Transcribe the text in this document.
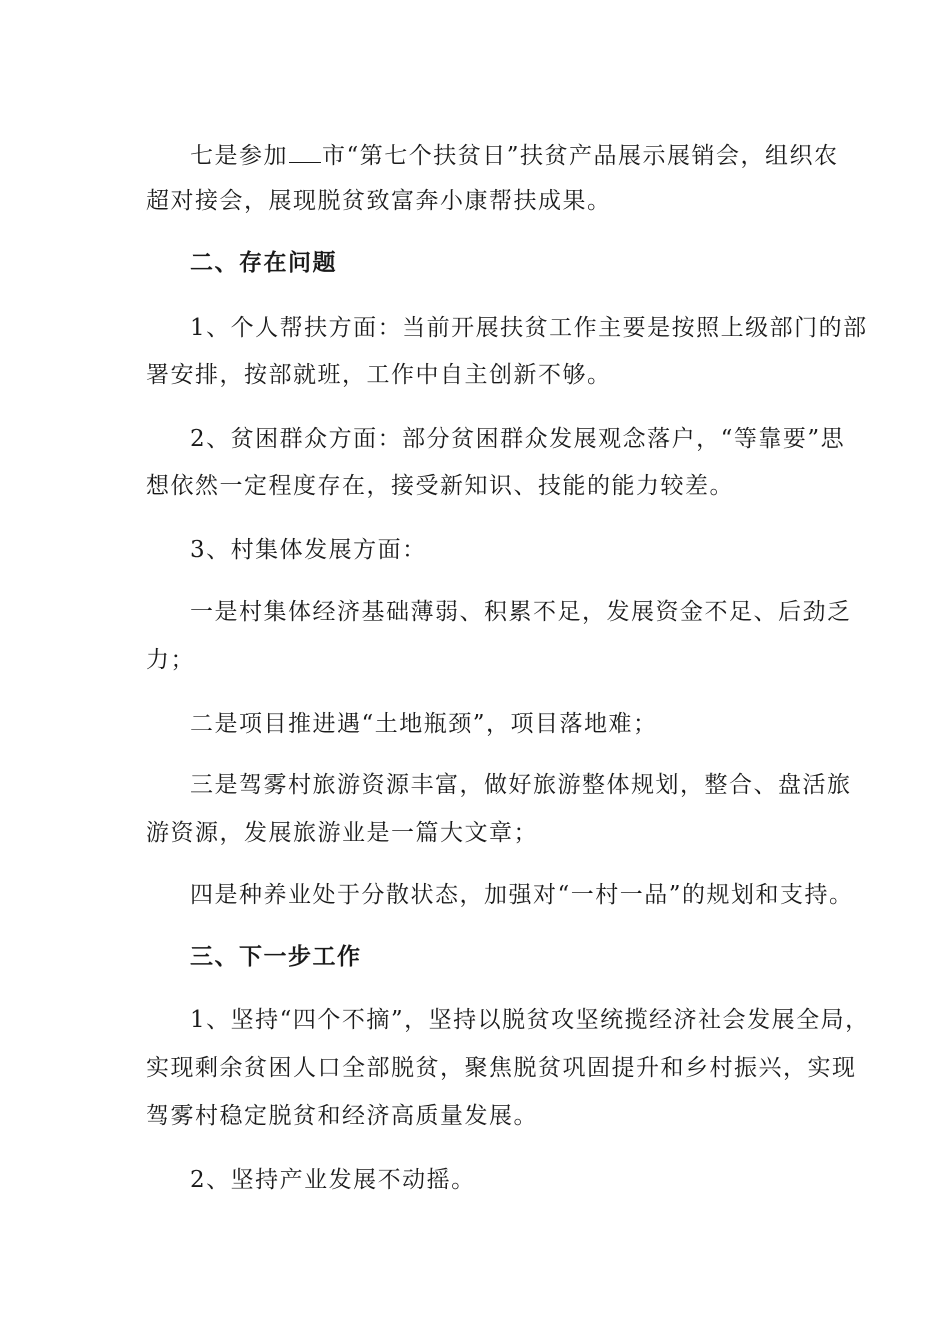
七是参加 市“第七个扶贫日”扶贫产品展示展销会，组织农
超对接会，展现脱贫致富奔小康帮扶成果。
二、存在问题
1、个人帮扶方面：当前开展扶贫工作主要是按照上级部门的部
署安排，按部就班，工作中自主创新不够。
2、贫困群众方面：部分贫困群众发展观念落户，“等靠要”思
想依然一定程度存在，接受新知识、技能的能力较差。
3、村集体发展方面：
一是村集体经济基础薄弱、积累不足，发展资金不足、后劲乏
力；
二是项目推进遇“土地瓶颈”，项目落地难；
三是驾雾村旅游资源丰富，做好旅游整体规划，整合、盘活旅
游资源，发展旅游业是一篇大文章；
四是种养业处于分散状态，加强对“一村一品”的规划和支持。
三、下一步工作
1、坚持“四个不摘”，坚持以脱贫攻坚统揽经济社会发展全局，
实现剩余贫困人口全部脱贫，聚焦脱贫巩固提升和乡村振兴，实现
驾雾村稳定脱贫和经济高质量发展。
2、坚持产业发展不动摇。
